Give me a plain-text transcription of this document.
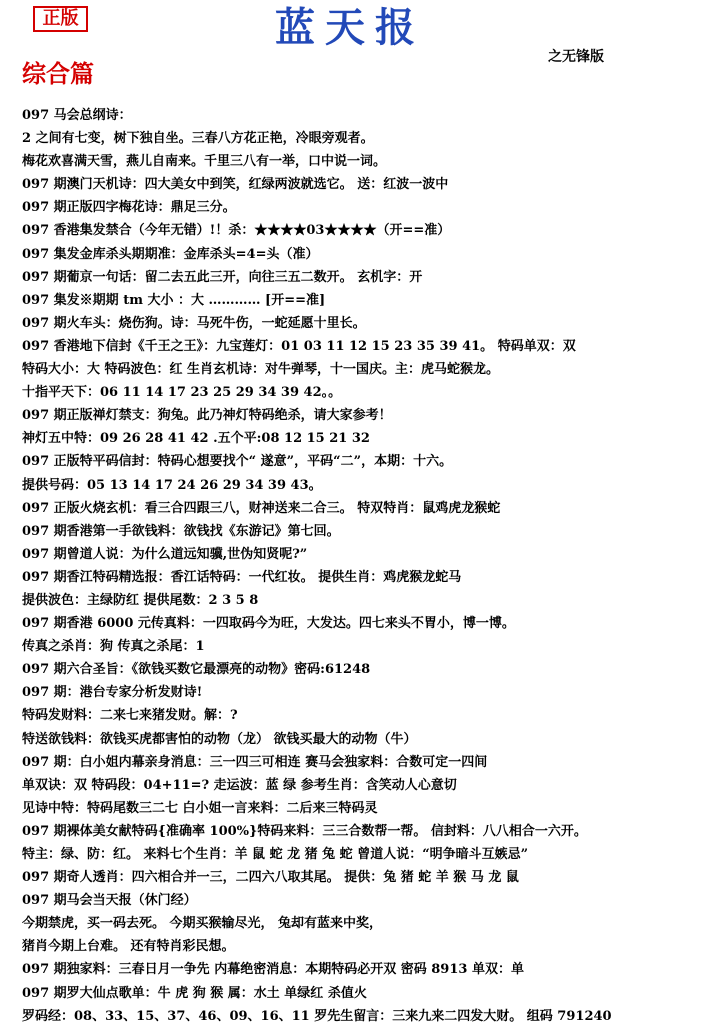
正版	蓝天报
之无锋版
综合篇
097 马会总纲诗：
2 之间有七变，树下独自坐。三春八方花正艳，冷眼旁观者。
梅花欢喜满天雪，燕儿自南来。千里三八有一举，口中说一词。
097 期澳门天机诗：四大美女中到笑，红绿两波就选它。 送：红波一波中
097 期正版四字梅花诗：鼎足三分。
097 香港集发禁合（今年无错）!！杀：★★★★03★★★★（开==准）
097 集发金库杀头期期准：金库杀头=4=头（准）
097 期葡京一句话：留二去五此三开，向往三五二数开。 玄机字：开
097 集发※期期 tm 大小 ：大 ………… [开==准]
097 期火车头：烧伤狗。诗：马死牛伤，一蛇延愿十里长。
097 香港地下信封《千王之王》：九宝莲灯：01 03 11 12 15 23 35 39 41。 特码单双：双
特码大小：大 特码波色：红 生肖玄机诗：对牛弹琴，十一国庆。主：虎马蛇猴龙。
十指平天下：06 11 14 17 23 25 29 34 39 42。。
097 期正版禅灯禁支：狗兔。此乃神灯特码绝杀，请大家参考！
神灯五中特：09 26 28 41 42 .五个平:08 12 15 21 32
097 正版特平码信封：特码心想要找个“ 遂意”，平码“二”，本期：十六。
提供号码：05 13 14 17 24 26 29 34 39 43。
097 正版火烧玄机：看三合四跟三八，财神送来二合三。 特双特肖：鼠鸡虎龙猴蛇
097 期香港第一手欲钱料：欲钱找《东游记》第七回。
097 期曾道人说：为什么道远知骥,世伪知贤呢?”
097 期香江特码精选报：香江话特码：一代红妆。 提供生肖：鸡虎猴龙蛇马
提供波色：主绿防红 提供尾数：2 3 5 8
097 期香港 6000 元传真料：一四取码今为旺，大发达。四七来头不胃小，博一博。
传真之杀肖：狗 传真之杀尾：1
097 期六合圣旨：《欲钱买数它最漂亮的动物》密码:61248
097 期：港台专家分析发财诗!
特码发财料：二来七来猪发财。解：?
特送欲钱料：欲钱买虎都害怕的动物（龙） 欲钱买最大的动物（牛）
097 期：白小姐内幕亲身消息：三一四三可相连 赛马会独家料：合数可定一四间
单双诀：双 特码段：04+11=? 走运波：蓝 绿 参考生肖：含笑动人心意切
见诗中特：特码尾数三二七 白小姐一言来料：二后来三特码灵
097 期裸体美女献特码{准确率 100%}特码来料：三三合数帮一帮。 信封料：八八相合一六开。
特主：绿、防：红。 来料七个生肖：羊 鼠 蛇 龙 猪 兔 蛇 曾道人说：“明争暗斗互嫉忌”
097 期奇人透肖：四六相合并一三，二四六八取其尾。 提供：兔 猪 蛇 羊 猴 马 龙 鼠
097 期马会当天报（休门经）
今期禁虎，买一码去死。 今期买猴输尽光， 兔却有蓝来中奖，
猪肖今期上台难。 还有特肖彩民想。
097 期独家料：三春日月一争先 内幕绝密消息：本期特码必开双 密码 8913 单双：单
097 期罗大仙点歌单：牛 虎 狗 猴 属：水土 单绿红 杀值火
罗码经：08、33、15、37、46、09、16、11 罗先生留言：三来九来二四发大财。 组码 791240
